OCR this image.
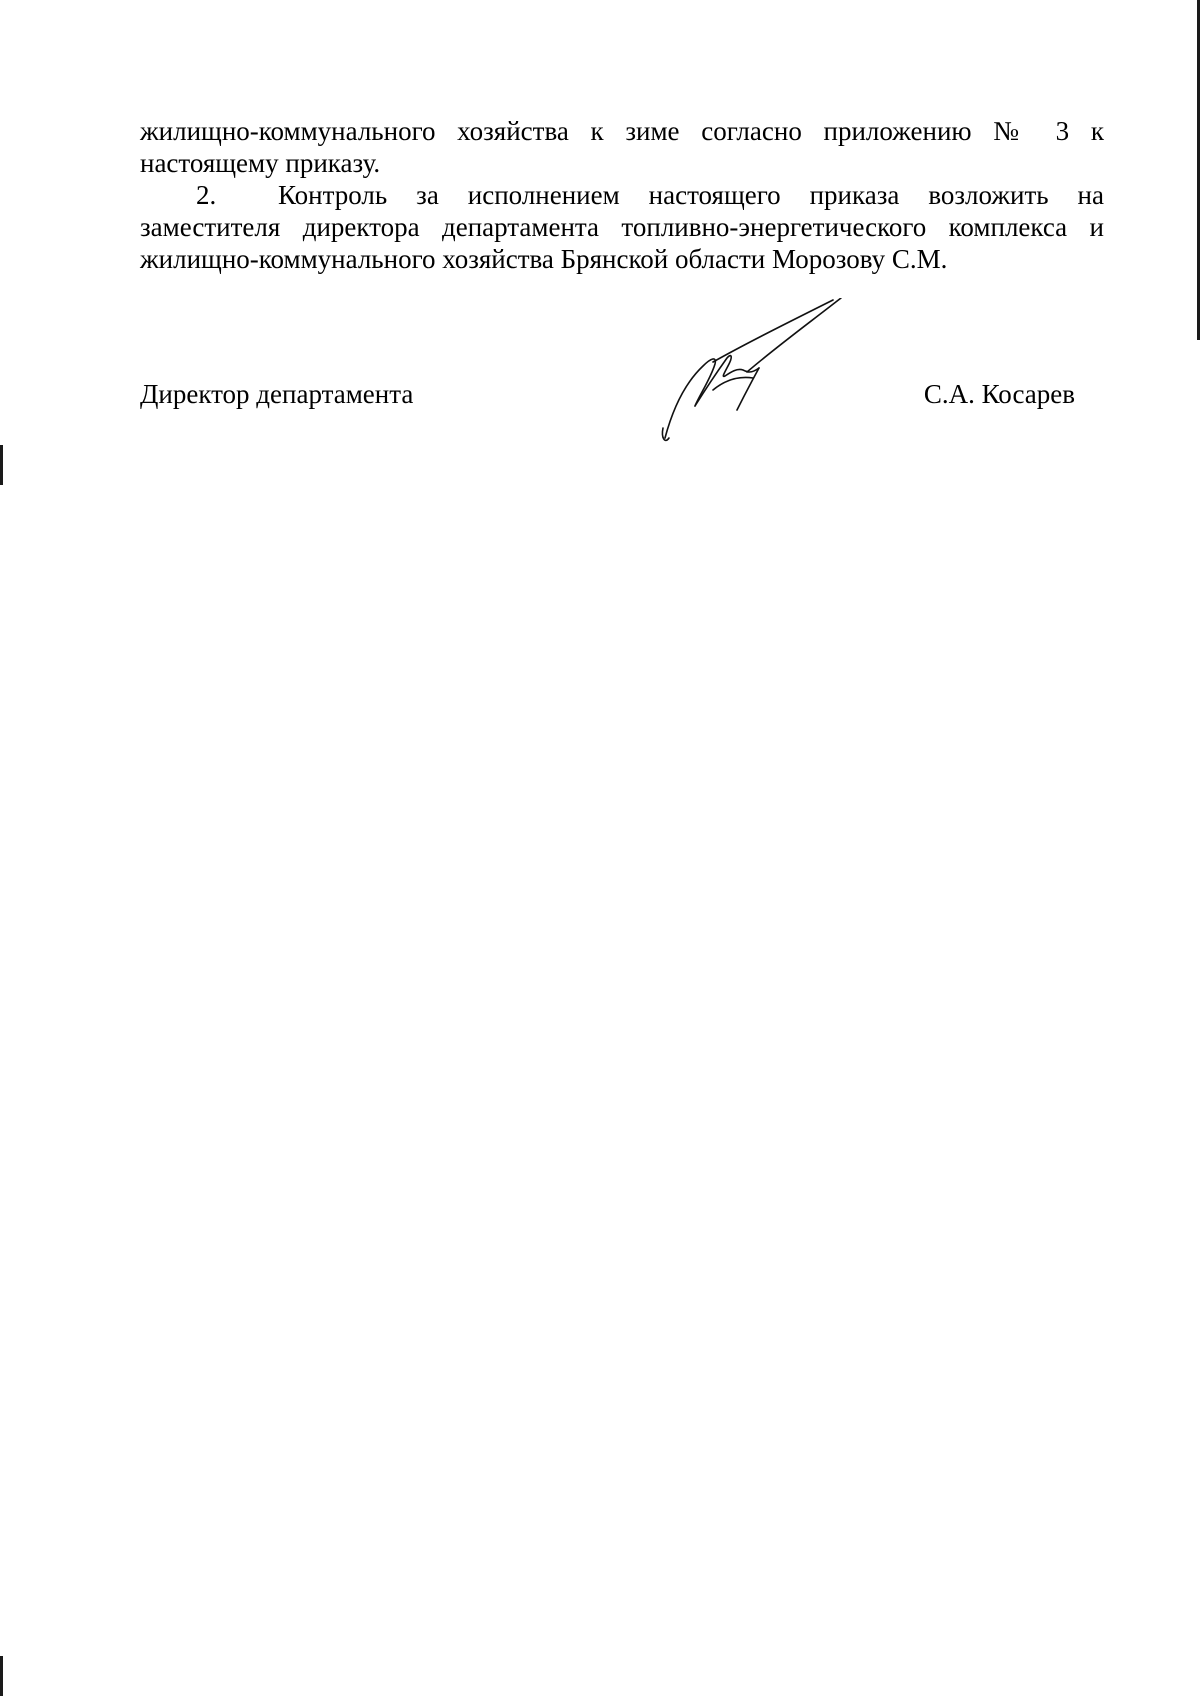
жилищно-коммунального хозяйства к зиме согласно приложению № 3 к
настоящему приказу.

2.	Контроль за исполнением настоящего приказа возложить на
заместителя директора департамента топливно-энергетического комплекса и
жилищно-коммунального хозяйства Брянской области Морозову С.М.

Директор департамента	С.А. Косарев
